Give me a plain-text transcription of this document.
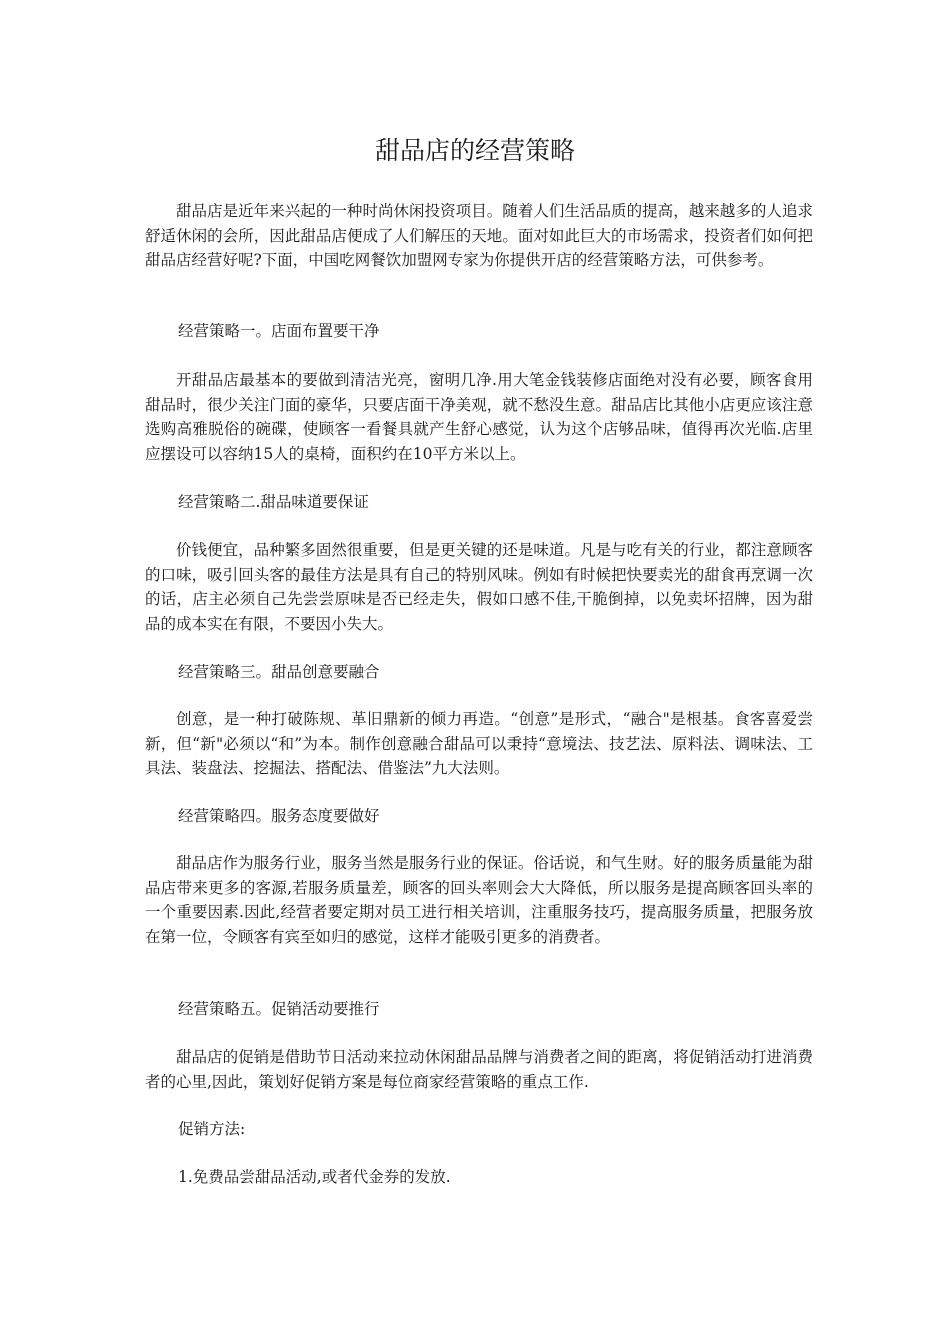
甜品店的经营策略

甜品店是近年来兴起的一种时尚休闲投资项目。随着人们生活品质的提高，越来越多的人追求舒适休闲的会所，因此甜品店便成了人们解压的天地。面对如此巨大的市场需求，投资者们如何把甜品店经营好呢?下面，中国吃网餐饮加盟网专家为你提供开店的经营策略方法，可供参考。

经营策略一。店面布置要干净

开甜品店最基本的要做到清洁光亮，窗明几净.用大笔金钱装修店面绝对没有必要，顾客食用甜品时，很少关注门面的豪华，只要店面干净美观，就不愁没生意。甜品店比其他小店更应该注意选购高雅脱俗的碗碟，使顾客一看餐具就产生舒心感觉，认为这个店够品味，值得再次光临.店里应摆设可以容纳15人的桌椅，面积约在10平方米以上。

经营策略二.甜品味道要保证

价钱便宜，品种繁多固然很重要，但是更关键的还是味道。凡是与吃有关的行业，都注意顾客的口味，吸引回头客的最佳方法是具有自己的特别风味。例如有时候把快要卖光的甜食再烹调一次的话，店主必须自己先尝尝原味是否已经走失，假如口感不佳,干脆倒掉，以免卖坏招牌，因为甜品的成本实在有限，不要因小失大。

经营策略三。甜品创意要融合

创意，是一种打破陈规、革旧鼎新的倾力再造。“创意”是形式，“融合"是根基。食客喜爱尝新，但“新"必须以“和”为本。制作创意融合甜品可以秉持“意境法、技艺法、原料法、调味法、工具法、装盘法、挖掘法、搭配法、借鉴法”九大法则。

经营策略四。服务态度要做好

甜品店作为服务行业，服务当然是服务行业的保证。俗话说，和气生财。好的服务质量能为甜品店带来更多的客源,若服务质量差，顾客的回头率则会大大降低，所以服务是提高顾客回头率的一个重要因素.因此,经营者要定期对员工进行相关培训，注重服务技巧，提高服务质量，把服务放在第一位，令顾客有宾至如归的感觉，这样才能吸引更多的消费者。

经营策略五。促销活动要推行

甜品店的促销是借助节日活动来拉动休闲甜品品牌与消费者之间的距离，将促销活动打进消费者的心里,因此，策划好促销方案是每位商家经营策略的重点工作.

促销方法:

1.免费品尝甜品活动,或者代金券的发放.
